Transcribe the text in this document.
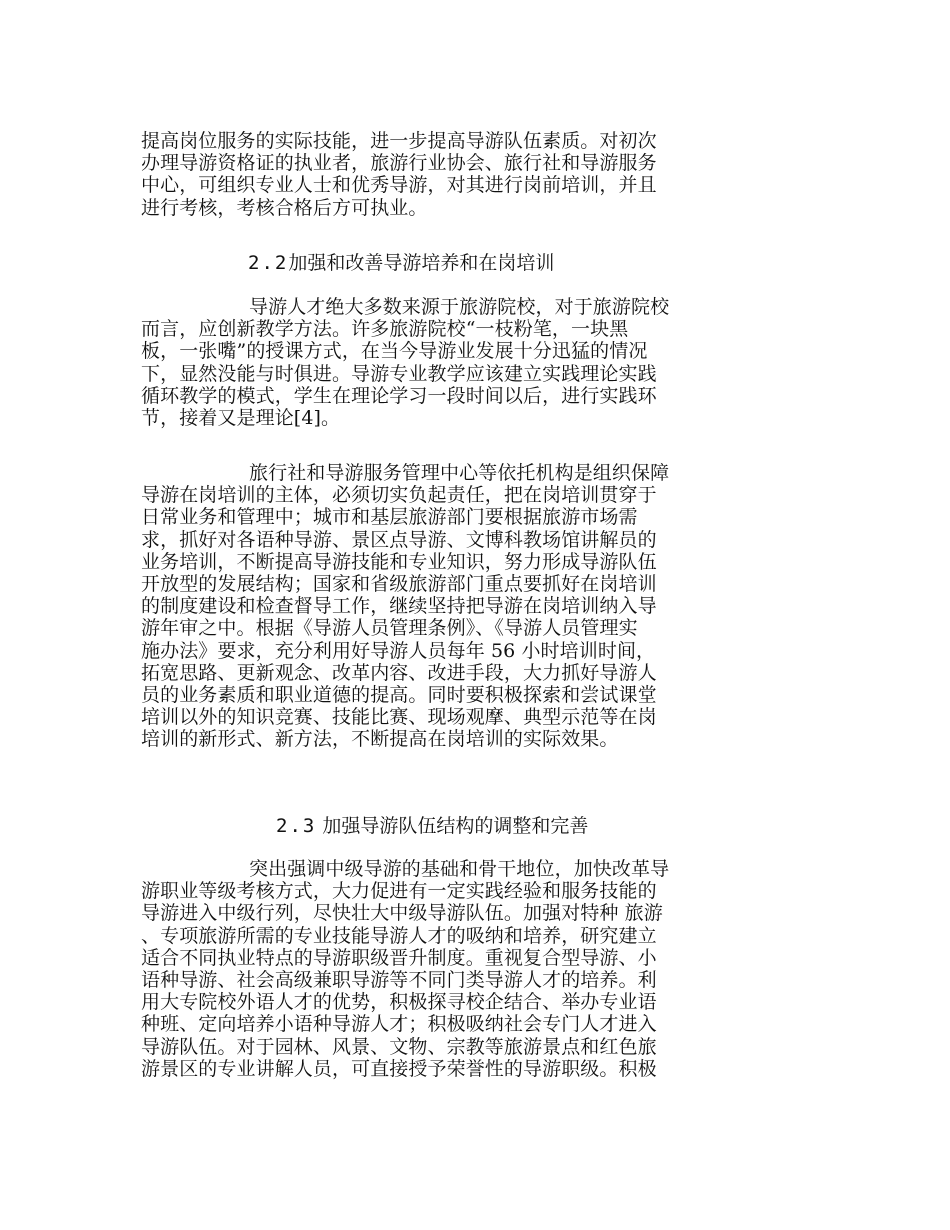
提高岗位服务的实际技能，进一步提高导游队伍素质。对初次
办理导游资格证的执业者，旅游行业协会、旅行社和导游服务
中心，可组织专业人士和优秀导游，对其进行岗前培训，并且
进行考核，考核合格后方可执业。
2.2加强和改善导游培养和在岗培训
导游人才绝大多数来源于旅游院校，对于旅游院校
而言，应创新教学方法。许多旅游院校“一枝粉笔，一块黑
板，一张嘴”的授课方式，在当今导游业发展十分迅猛的情况
下，显然没能与时俱进。导游专业教学应该建立实践理论实践
循环教学的模式，学生在理论学习一段时间以后，进行实践环
节，接着又是理论[4]。
旅行社和导游服务管理中心等依托机构是组织保障
导游在岗培训的主体，必须切实负起责任，把在岗培训贯穿于
日常业务和管理中；城市和基层旅游部门要根据旅游市场需
求，抓好对各语种导游、景区点导游、文博科教场馆讲解员的
业务培训，不断提高导游技能和专业知识，努力形成导游队伍
开放型的发展结构；国家和省级旅游部门重点要抓好在岗培训
的制度建设和检查督导工作，继续坚持把导游在岗培训纳入导
游年审之中。根据《导游人员管理条例》、《导游人员管理实
施办法》要求，充分利用好导游人员每年 56 小时培训时间，
拓宽思路、更新观念、改革内容、改进手段，大力抓好导游人
员的业务素质和职业道德的提高。同时要积极探索和尝试课堂
培训以外的知识竞赛、技能比赛、现场观摩、典型示范等在岗
培训的新形式、新方法，不断提高在岗培训的实际效果。
2.3 加强导游队伍结构的调整和完善
突出强调中级导游的基础和骨干地位，加快改革导
游职业等级考核方式，大力促进有一定实践经验和服务技能的
导游进入中级行列，尽快壮大中级导游队伍。加强对特种 旅游
、专项旅游所需的专业技能导游人才的吸纳和培养，研究建立
适合不同执业特点的导游职级晋升制度。重视复合型导游、小
语种导游、社会高级兼职导游等不同门类导游人才的培养。利
用大专院校外语人才的优势，积极探寻校企结合、举办专业语
种班、定向培养小语种导游人才；积极吸纳社会专门人才进入
导游队伍。对于园林、风景、文物、宗教等旅游景点和红色旅
游景区的专业讲解人员，可直接授予荣誉性的导游职级。积极
